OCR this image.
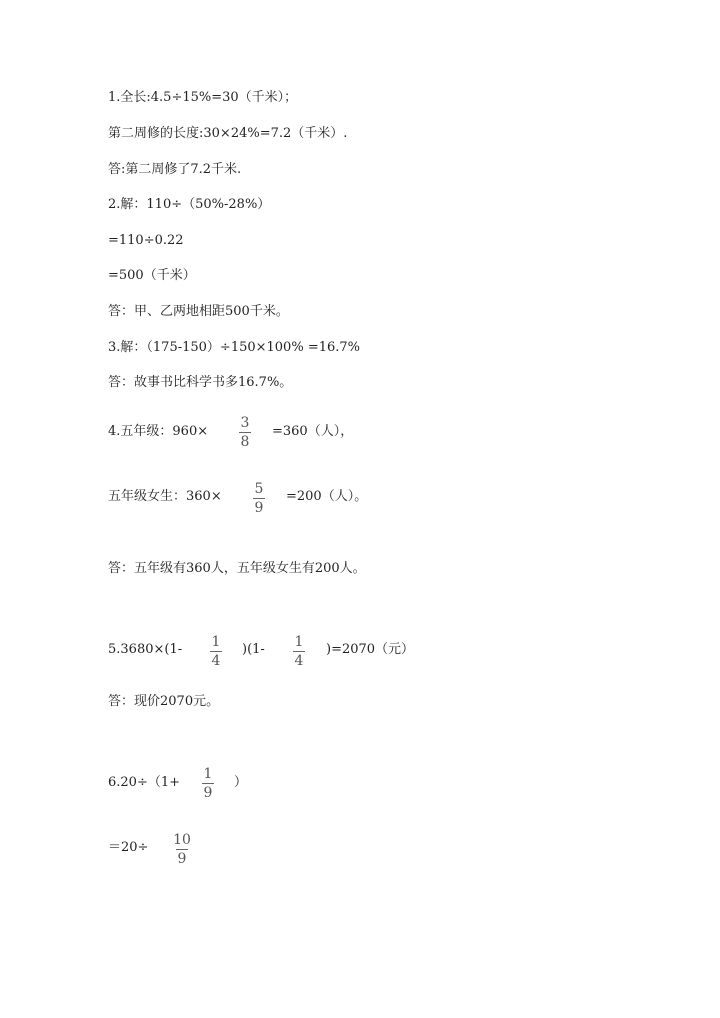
1.全长:4.5÷15%=30（千米）；
第二周修的长度:30×24%=7.2（千米）.
答:第二周修了7.2千米.
2.解：110÷（50%-28%）
=110÷0.22
=500（千米）
答：甲、乙两地相距500千米。
3.解：（175-150）÷150×100% =16.7%
答：故事书比科学书多16.7%。
4.五年级：960×
3
8
=360（人），
五年级女生：360×	5
9
=200（人）。
答：五年级有360人，五年级女生有200人。
5.3680×(1-	1
4
)(1-	1
4
)=2070（元）
答：现价2070元。
6.20÷（1+
1
9
）
＝20÷ 10
9
